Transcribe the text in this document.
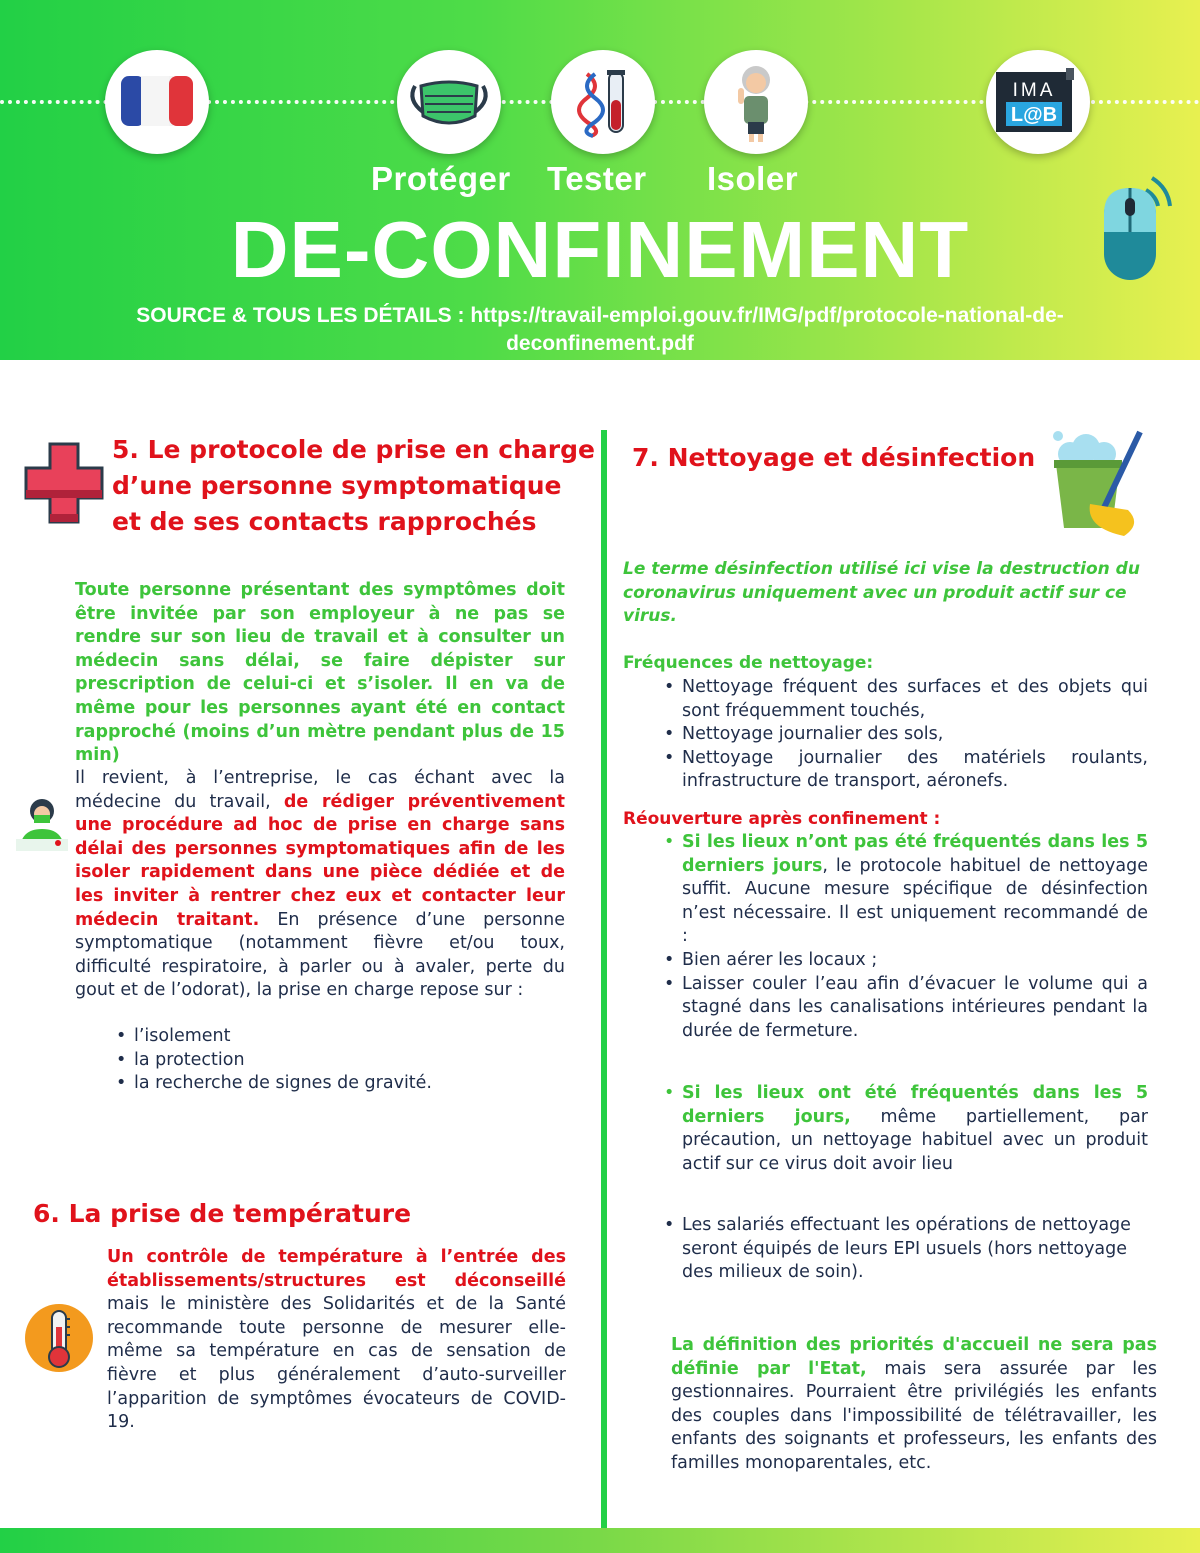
IMA
L@B
Protéger Tester Isoler
DE-CONFINEMENT
SOURCE & TOUS LES DÉTAILS : https://travail-emploi.gouv.fr/IMG/pdf/protocole-national-de-deconfinement.pdf
5. Le protocole de prise en charge d’une personne symptomatique et de ses contacts rapprochés
Toute personne présentant des symptômes doit être invitée par son employeur à ne pas se rendre sur son lieu de travail et à consulter un médecin sans délai, se faire dépister sur prescription de celui-ci et s’isoler. Il en va de même pour les personnes ayant été en contact rapproché (moins d’un mètre pendant plus de 15 min)
Il revient, à l’entreprise, le cas échant avec la médecine du travail, de rédiger préventivement une procédure ad hoc de prise en charge sans délai des personnes symptomatiques afin de les isoler rapidement dans une pièce dédiée et de les inviter à rentrer chez eux et contacter leur médecin traitant. En présence d’une personne symptomatique (notamment fièvre et/ou toux, difficulté respiratoire, à parler ou à avaler, perte du gout et de l’odorat), la prise en charge repose sur :
• l’isolement
• la protection
• la recherche de signes de gravité.
6. La prise de température
Un contrôle de température à l’entrée des établissements/structures est déconseillé mais le ministère des Solidarités et de la Santé recommande toute personne de mesurer elle-même sa température en cas de sensation de fièvre et plus généralement d’auto-surveiller l’apparition de symptômes évocateurs de COVID-19.
7. Nettoyage et désinfection
Le terme désinfection utilisé ici vise la destruction du coronavirus uniquement avec un produit actif sur ce virus.
Fréquences de nettoyage:
• Nettoyage fréquent des surfaces et des objets qui sont fréquemment touchés,
• Nettoyage journalier des sols,
• Nettoyage journalier des matériels roulants, infrastructure de transport, aéronefs.
Réouverture après confinement :
• Si les lieux n’ont pas été fréquentés dans les 5 derniers jours, le protocole habituel de nettoyage suffit. Aucune mesure spécifique de désinfection n’est nécessaire. Il est uniquement recommandé de :
• Bien aérer les locaux ;
• Laisser couler l’eau afin d’évacuer le volume qui a stagné dans les canalisations intérieures pendant la durée de fermeture.
• Si les lieux ont été fréquentés dans les 5 derniers jours, même partiellement, par précaution, un nettoyage habituel avec un produit actif sur ce virus doit avoir lieu
• Les salariés effectuant les opérations de nettoyage seront équipés de leurs EPI usuels (hors nettoyage des milieux de soin).
La définition des priorités d'accueil ne sera pas définie par l'Etat, mais sera assurée par les gestionnaires. Pourraient être privilégiés les enfants des couples dans l'impossibilité de télétravailler, les enfants des soignants et professeurs, les enfants des familles monoparentales, etc.
